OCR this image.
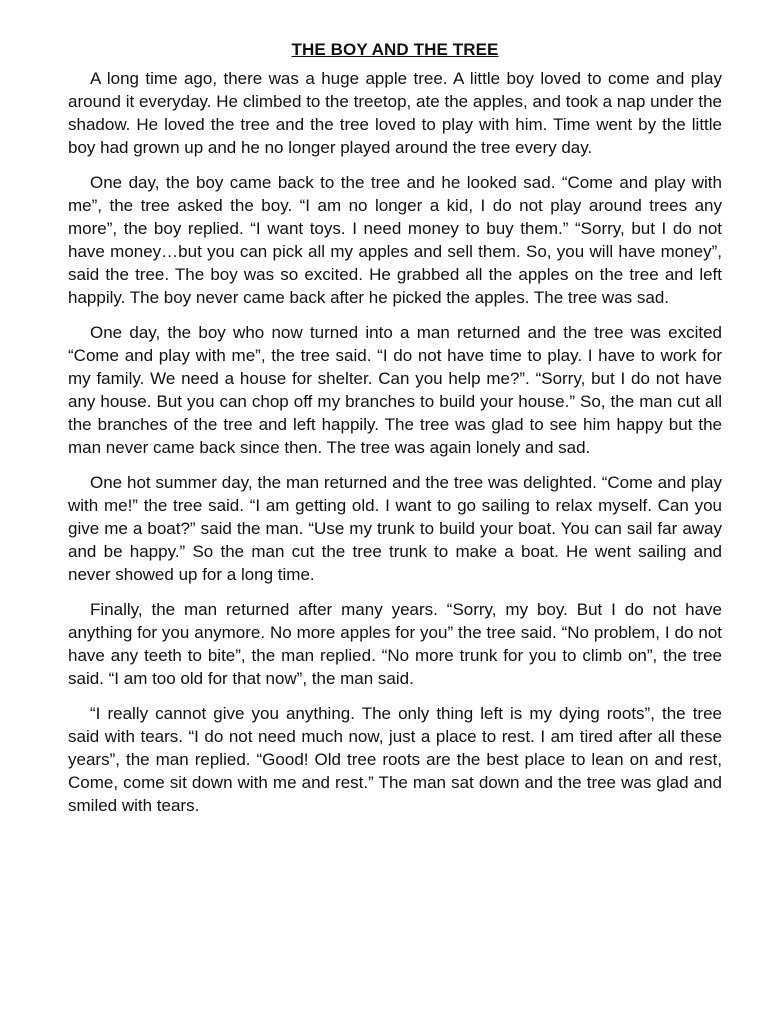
THE BOY AND THE TREE

A long time ago, there was a huge apple tree. A little boy loved to come and play around it everyday. He climbed to the treetop, ate the apples, and took a nap under the shadow. He loved the tree and the tree loved to play with him. Time went by the little boy had grown up and he no longer played around the tree every day.

One day, the boy came back to the tree and he looked sad. “Come and play with me”, the tree asked the boy. “I am no longer a kid, I do not play around trees any more”, the boy replied. “I want toys. I need money to buy them.” “Sorry, but I do not have money…but you can pick all my apples and sell them. So, you will have money”, said the tree. The boy was so excited. He grabbed all the apples on the tree and left happily. The boy never came back after he picked the apples. The tree was sad.

One day, the boy who now turned into a man returned and the tree was excited “Come and play with me”, the tree said. “I do not have time to play. I have to work for my family. We need a house for shelter. Can you help me?”. “Sorry, but I do not have any house. But you can chop off my branches to build your house.” So, the man cut all the branches of the tree and left happily. The tree was glad to see him happy but the man never came back since then. The tree was again lonely and sad.

One hot summer day, the man returned and the tree was delighted. “Come and play with me!” the tree said. “I am getting old. I want to go sailing to relax myself. Can you give me a boat?” said the man. “Use my trunk to build your boat. You can sail far away and be happy.” So the man cut the tree trunk to make a boat. He went sailing and never showed up for a long time.

Finally, the man returned after many years. “Sorry, my boy. But I do not have anything for you anymore. No more apples for you” the tree said. “No problem, I do not have any teeth to bite”, the man replied. “No more trunk for you to climb on”, the tree said. “I am too old for that now”, the man said.

“I really cannot give you anything. The only thing left is my dying roots”, the tree said with tears. “I do not need much now, just a place to rest. I am tired after all these years”, the man replied. “Good! Old tree roots are the best place to lean on and rest, Come, come sit down with me and rest.” The man sat down and the tree was glad and smiled with tears.
